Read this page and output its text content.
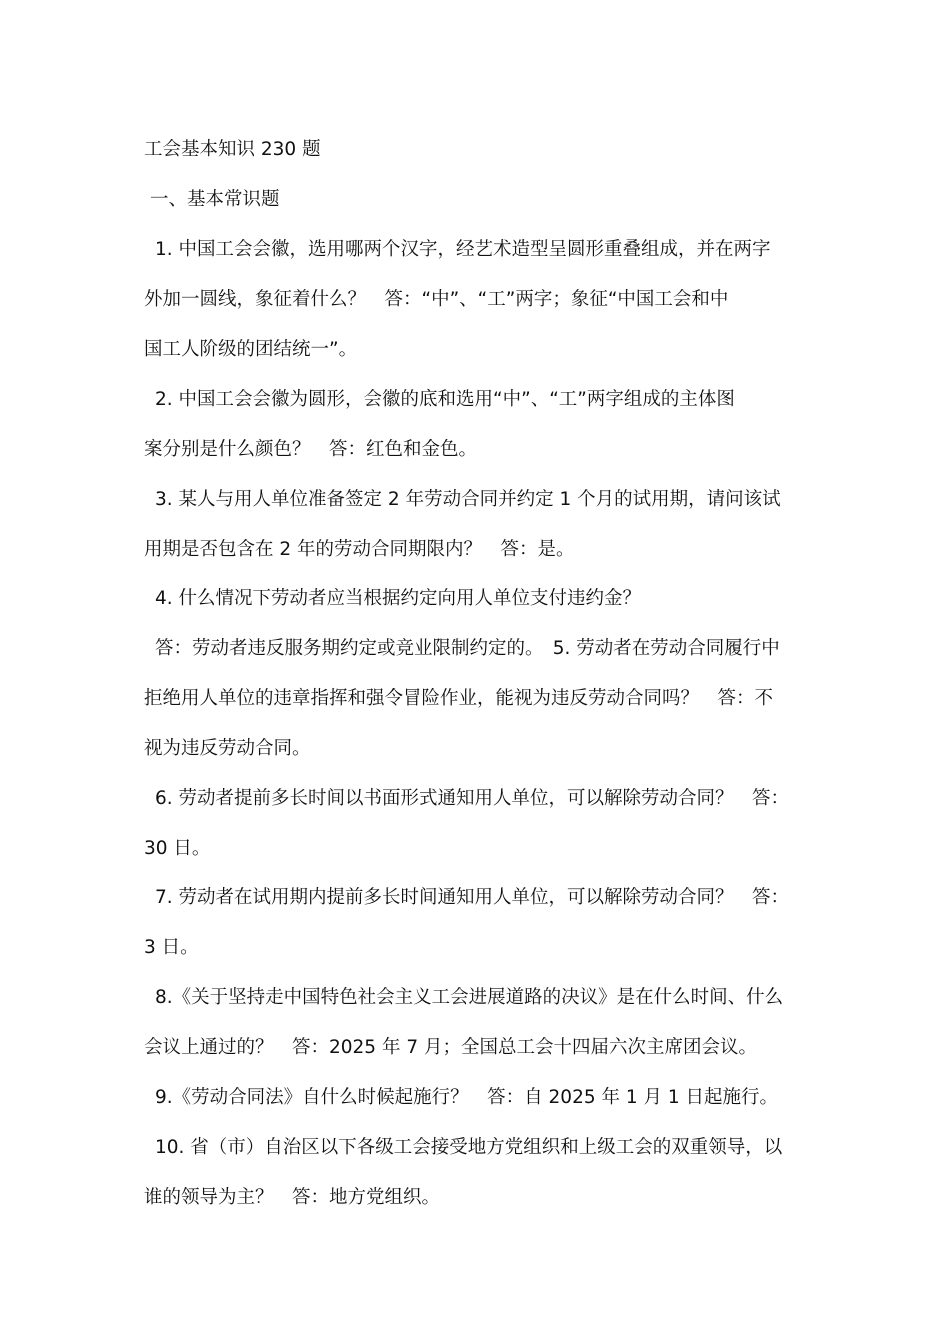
工会基本知识 230 题
一、基本常识题
1. 中国工会会徽，选用哪两个汉字，经艺术造型呈圆形重叠组成，并在两字
外加一圆线，象征着什么？　答：“中”、“工”两字；象征“中国工会和中
国工人阶级的团结统一”。
2. 中国工会会徽为圆形，会徽的底和选用“中”、“工”两字组成的主体图
案分别是什么颜色？　答：红色和金色。
3. 某人与用人单位准备签定 2 年劳动合同并约定 1 个月的试用期，请问该试
用期是否包含在 2 年的劳动合同期限内？　答：是。
4. 什么情况下劳动者应当根据约定向用人单位支付违约金？
答：劳动者违反服务期约定或竞业限制约定的。　5. 劳动者在劳动合同履行中
拒绝用人单位的违章指挥和强令冒险作业，能视为违反劳动合同吗？　答：不
视为违反劳动合同。
6. 劳动者提前多长时间以书面形式通知用人单位，可以解除劳动合同？　答：
30 日。
7. 劳动者在试用期内提前多长时间通知用人单位，可以解除劳动合同？　答：
3 日。
8.《关于坚持走中国特色社会主义工会进展道路的决议》是在什么时间、什么
会议上通过的？　答：2025 年 7 月；全国总工会十四届六次主席团会议。
9.《劳动合同法》自什么时候起施行？　答：自 2025 年 1 月 1 日起施行。
10. 省（市）自治区以下各级工会接受地方党组织和上级工会的双重领导，以
谁的领导为主？　答：地方党组织。
